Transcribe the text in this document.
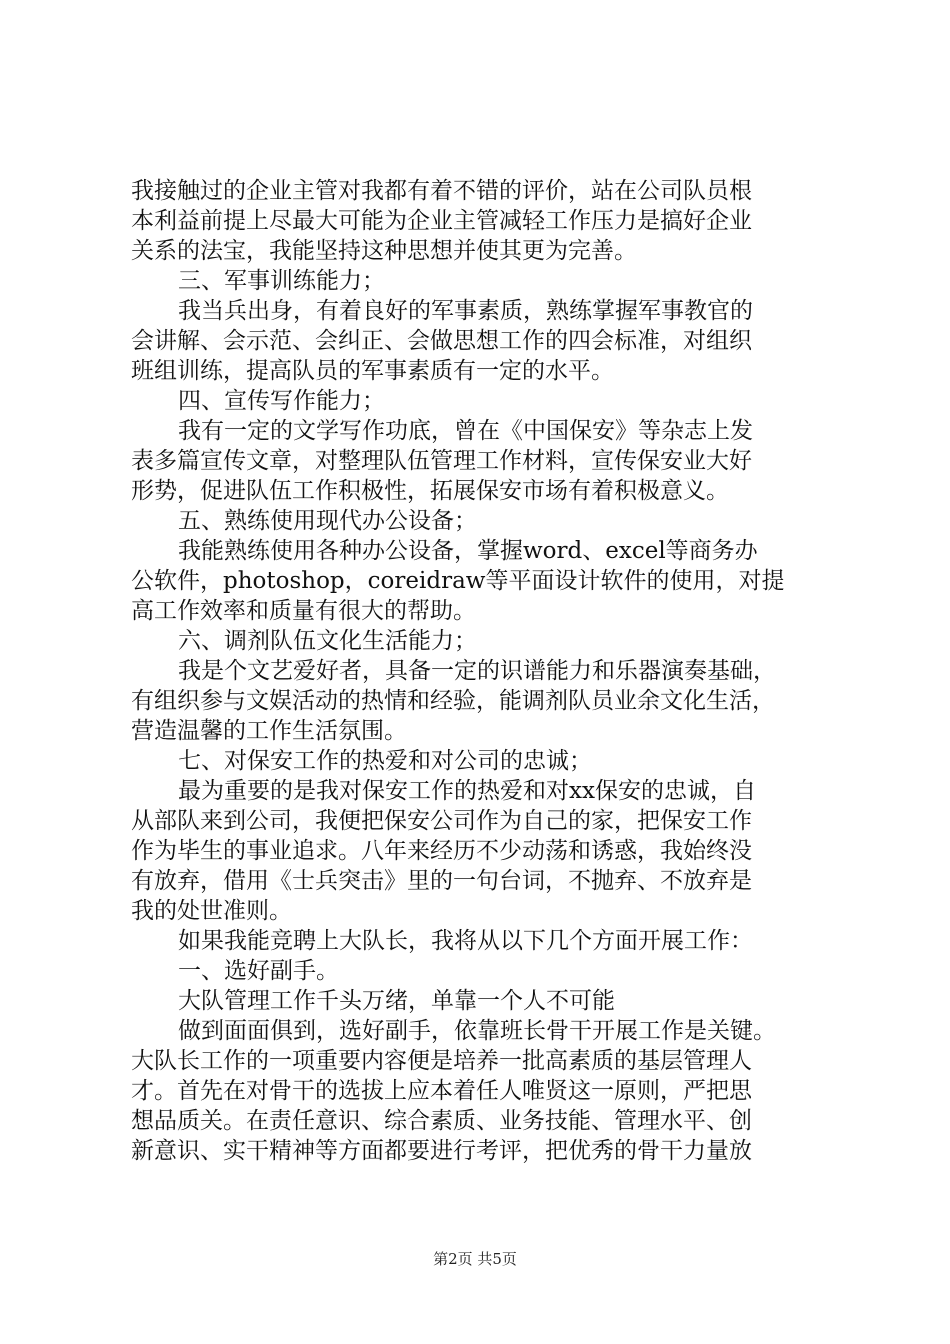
我接触过的企业主管对我都有着不错的评价，站在公司队员根
本利益前提上尽最大可能为企业主管减轻工作压力是搞好企业
关系的法宝，我能坚持这种思想并使其更为完善。
三、军事训练能力；
我当兵出身，有着良好的军事素质，熟练掌握军事教官的
会讲解、会示范、会纠正、会做思想工作的四会标准，对组织
班组训练，提高队员的军事素质有一定的水平。
四、宣传写作能力；
我有一定的文学写作功底，曾在《中国保安》等杂志上发
表多篇宣传文章，对整理队伍管理工作材料，宣传保安业大好
形势，促进队伍工作积极性，拓展保安市场有着积极意义。
五、熟练使用现代办公设备；
我能熟练使用各种办公设备，掌握word、excel等商务办
公软件，photoshop，coreidraw等平面设计软件的使用，对提
高工作效率和质量有很大的帮助。
六、调剂队伍文化生活能力；
我是个文艺爱好者，具备一定的识谱能力和乐器演奏基础，
有组织参与文娱活动的热情和经验，能调剂队员业余文化生活，
营造温馨的工作生活氛围。
七、对保安工作的热爱和对公司的忠诚；
最为重要的是我对保安工作的热爱和对xx保安的忠诚，自
从部队来到公司，我便把保安公司作为自己的家，把保安工作
作为毕生的事业追求。八年来经历不少动荡和诱惑，我始终没
有放弃，借用《士兵突击》里的一句台词，不抛弃、不放弃是
我的处世准则。
如果我能竞聘上大队长，我将从以下几个方面开展工作：
一、选好副手。
大队管理工作千头万绪，单靠一个人不可能
做到面面俱到，选好副手，依靠班长骨干开展工作是关键。
大队长工作的一项重要内容便是培养一批高素质的基层管理人
才。首先在对骨干的选拔上应本着任人唯贤这一原则，严把思
想品质关。在责任意识、综合素质、业务技能、管理水平、创
新意识、实干精神等方面都要进行考评，把优秀的骨干力量放
第2页 共5页
